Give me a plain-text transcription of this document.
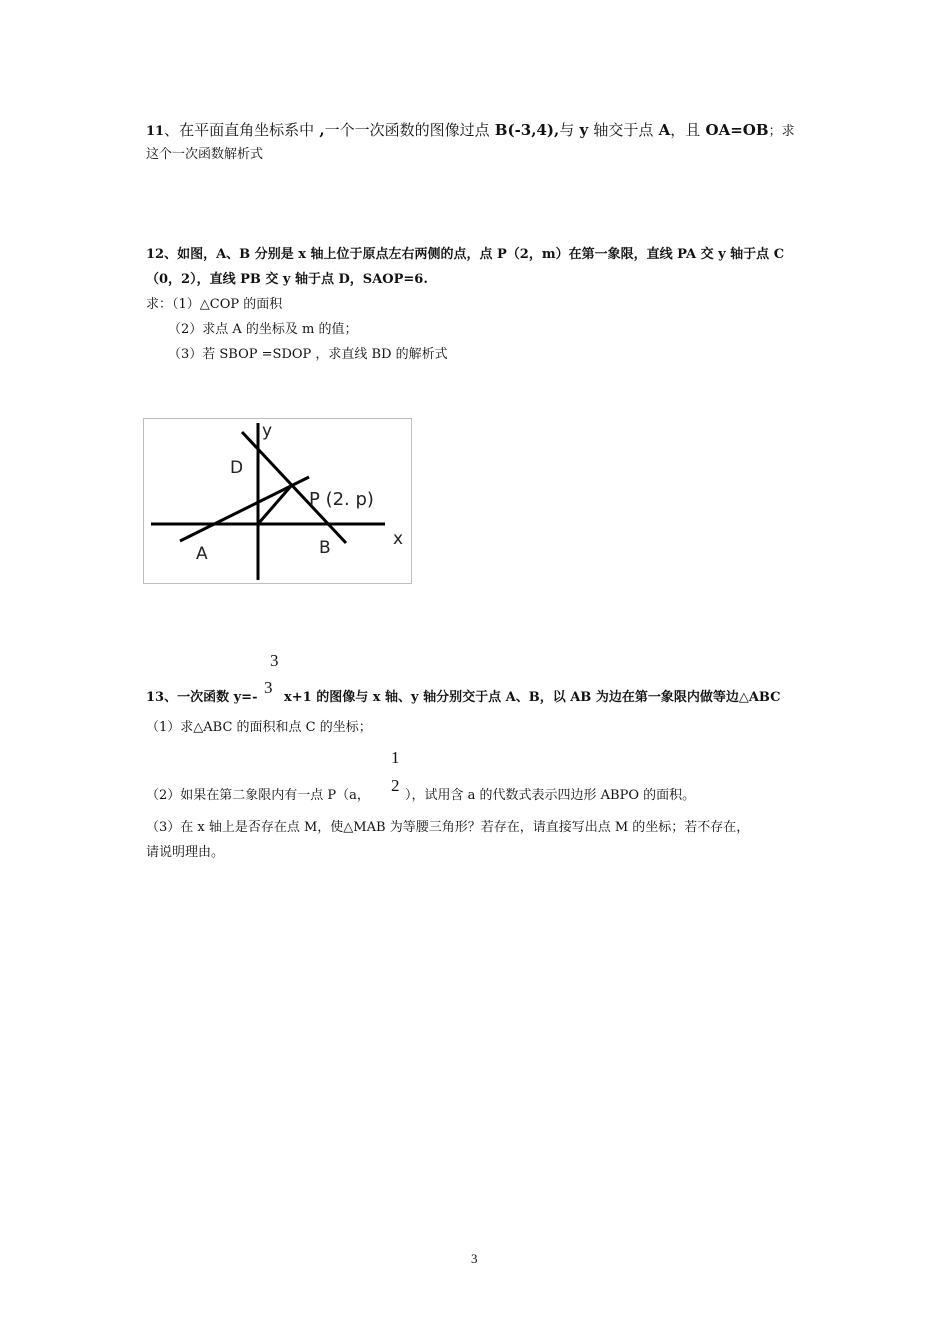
11、在平面直角坐标系中 ,一个一次函数的图像过点 B(-3,4),与 y 轴交于点 A，且 OA=OB；求
这个一次函数解析式
12、如图，A、B 分别是 x 轴上位于原点左右两侧的点，点 P（2，m）在第一象限，直线 PA 交 y 轴于点 C
（0，2），直线 PB 交 y 轴于点 D，SAOP=6.
求：（1）△COP 的面积
（2）求点 A 的坐标及 m 的值；
（3）若 SBOP =SDOP ，求直线 BD 的解析式
y
D
P (2. p)
x
A	B
3
3
13、一次函数 y=- x+1 的图像与 x 轴、y 轴分别交于点 A、B，以 AB 为边在第一象限内做等边△ABC
（1）求△ABC 的面积和点 C 的坐标；
1
2
（2）如果在第二象限内有一点 P（a，	），试用含 a 的代数式表示四边形 ABPO 的面积。
（3）在 x 轴上是否存在点 M，使△MAB 为等腰三角形？若存在，请直接写出点 M 的坐标；若不存在，
请说明理由。
3
